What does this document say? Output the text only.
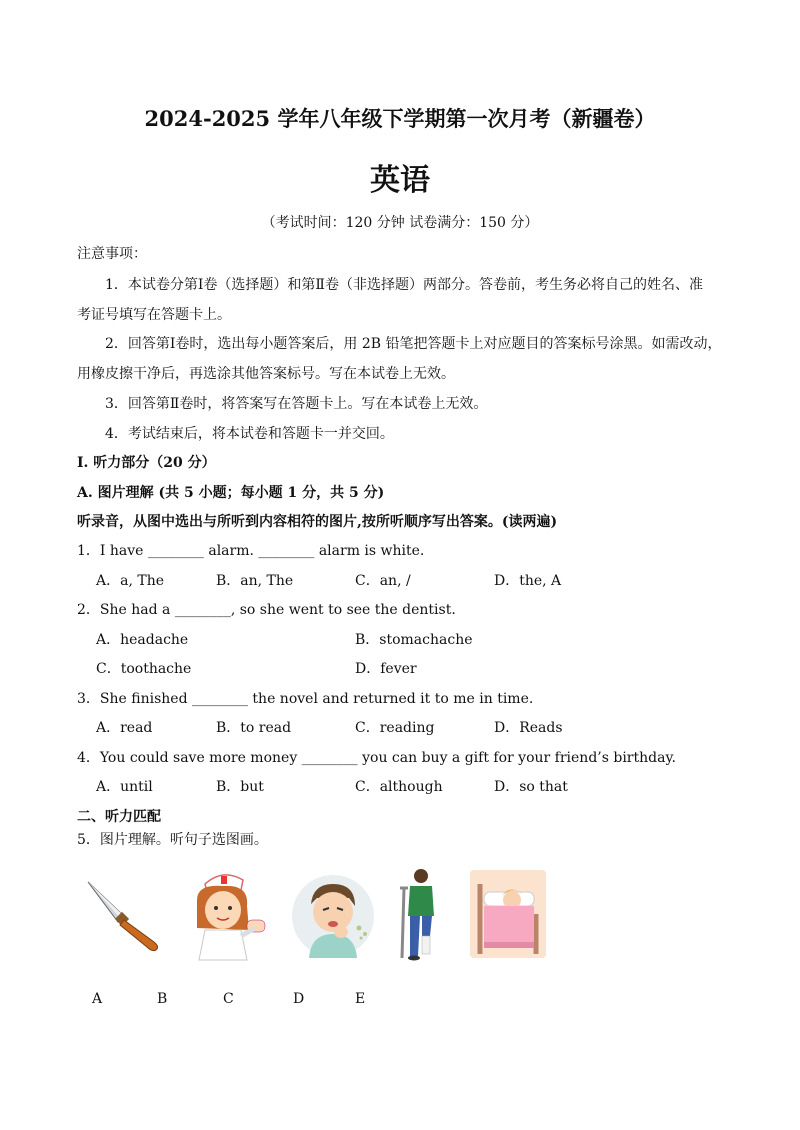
2024-2025 学年八年级下学期第一次月考（新疆卷）
英语
（考试时间：120 分钟 试卷满分：150 分）
注意事项：
1．本试卷分第Ⅰ卷（选择题）和第Ⅱ卷（非选择题）两部分。答卷前，考生务必将自己的姓名、准
考证号填写在答题卡上。
2．回答第Ⅰ卷时，选出每小题答案后，用 2B 铅笔把答题卡上对应题目的答案标号涂黑。如需改动，
用橡皮擦干净后，再选涂其他答案标号。写在本试卷上无效。
3．回答第Ⅱ卷时，将答案写在答题卡上。写在本试卷上无效。
4．考试结束后，将本试卷和答题卡一并交回。
I. 听力部分（20 分）
A. 图片理解 (共 5 小题；每小题 1 分，共 5 分)
听录音，从图中选出与所听到内容相符的图片,按所听顺序写出答案。(读两遍)
1．I have ________ alarm. ________ alarm is white.
A．a, The	B．an, The	C．an, /	D．the, A
2．She had a ________, so she went to see the dentist.
A．headache	B．stomachache
C．toothache	D．fever
3．She finished ________ the novel and returned it to me in time.
A．read	B．to read	C．reading	D．Reads
4．You could save more money ________ you can buy a gift for your friend’s birthday.
A．until	B．but	C．although	D．so that
二、听力匹配
5．图片理解。听句子选图画。
A	B	C	D	E
